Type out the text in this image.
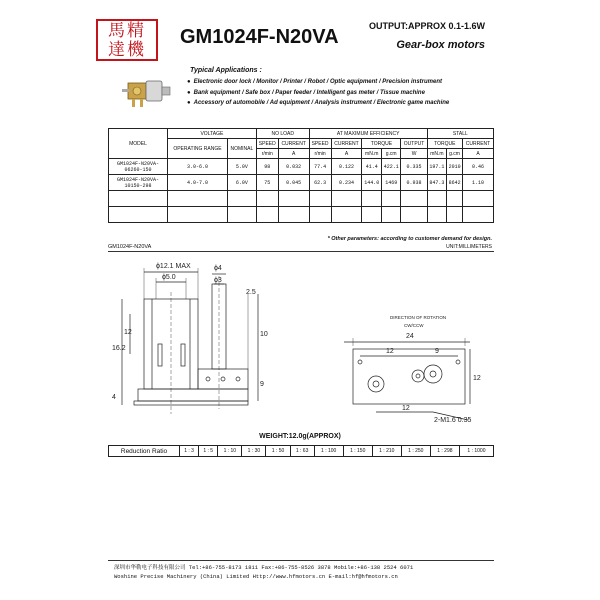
馬精
達機
GM1024F-N20VA	OUTPUT:APPROX 0.1-1.6W
Gear-box motors
Typical Applications :
● Electronic door lock / Monitor / Printer / Robot / Optic equipment / Precision instrument
● Bank equipment / Safe box / Paper feeder / Intelligent gas meter / Tissue machine
● Accessory of automobile / Ad equipment / Analysis instrument / Electronic game machine
MODEL	VOLTAGE		NO LOAD		AT MAXIMUM EFFICIENCY					STALL		
	OPERATING RANGE	NOMINAL	SPEED	CURRENT	SPEED	CURRENT	TORQUE		OUTPUT	TORQUE		CURRENT
			r/min	A	r/min	A	mN.m	g.cm	W	mN.m	g.cm	A
GM1024F-N20VA-06260-150	3.0-6.0	5.0V	98	0.032	77.4	0.122	41.4	422.1	0.335	197.1	2010	0.46
GM1024F-N20VA-10150-298	4.0-7.0	6.0V	75	0.045	62.3	0.234	144.0	1469	0.938	847.3	8642	1.10

* Other parameters: according to customer demand for design.
GM1024F-N20VA	UNIT:MILLIMETERS
ϕ12.1 MAX
ϕ5.0
ϕ4
ϕ3
2.5
10
9
4
16.2
12
DIRECTION OF ROTATION
CW/CCW
24
12	9
12
12
2-M1.6 ̄0.35
WEIGHT:12.0g(APPROX)
Reduction Ratio	1 : 3	1 : 5	1 : 10	1 : 30	1 : 50	1 : 63	1 : 100	1 : 150	1 : 210	1 : 250	1 : 298	1 : 1000
深圳市华勒电子科技有限公司 Tel:+86-755-8173 1811 Fax:+86-755-8526 3878 Mobile:+86-138 2524 6071
Woshine Precise Machinery (China) Limited Http://www.hfmotors.cn E-mail:hf@hfmotors.cn
